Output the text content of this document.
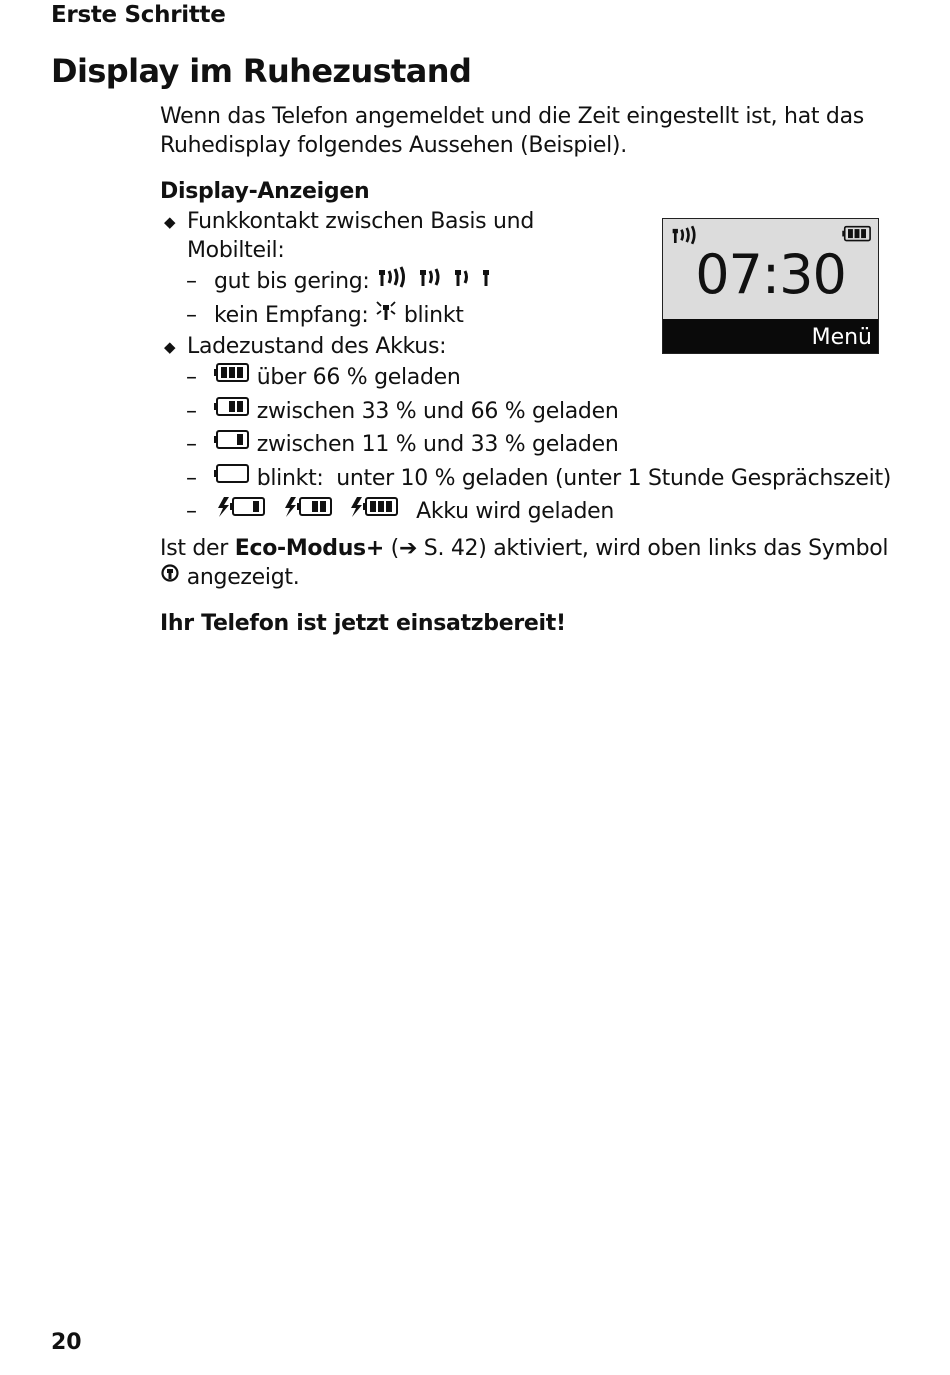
Erste Schritte
Display im Ruhezustand

Wenn das Telefon angemeldet und die Zeit eingestellt ist, hat das Ruhedisplay folgendes Aussehen (Beispiel).

Display-Anzeigen
◆ Funkkontakt zwischen Basis und Mobilteil:
– gut bis gering:
– kein Empfang: blinkt
◆ Ladezustand des Akkus:
–	über 66 % geladen
–	zwischen 33 % und 66 % geladen
–	zwischen 11 % und 33 % geladen
–	blinkt: unter 10 % geladen (unter 1 Stunde Gesprächszeit)
–	Akku wird geladen
Ist der Eco-Modus+ (➔ S. 42) aktiviert, wird oben links das Symbol
angezeigt.
Ihr Telefon ist jetzt einsatzbereit!
07:30
Menü
20
